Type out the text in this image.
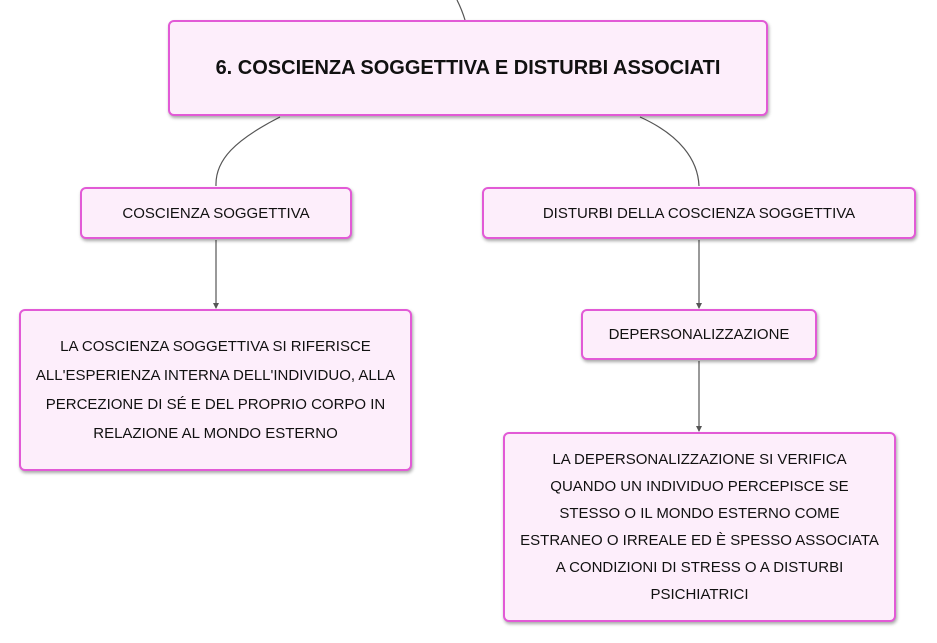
6. COSCIENZA SOGGETTIVA E DISTURBI ASSOCIATI
COSCIENZA SOGGETTIVA	DISTURBI DELLA COSCIENZA SOGGETTIVA
LA COSCIENZA SOGGETTIVA SI RIFERISCE ALL'ESPERIENZA INTERNA DELL'INDIVIDUO, ALLA PERCEZIONE DI SÉ E DEL PROPRIO CORPO IN RELAZIONE AL MONDO ESTERNO
DEPERSONALIZZAZIONE
LA DEPERSONALIZZAZIONE SI VERIFICA QUANDO UN INDIVIDUO PERCEPISCE SE STESSO O IL MONDO ESTERNO COME ESTRANEO O IRREALE ED È SPESSO ASSOCIATA A CONDIZIONI DI STRESS O A DISTURBI PSICHIATRICI
